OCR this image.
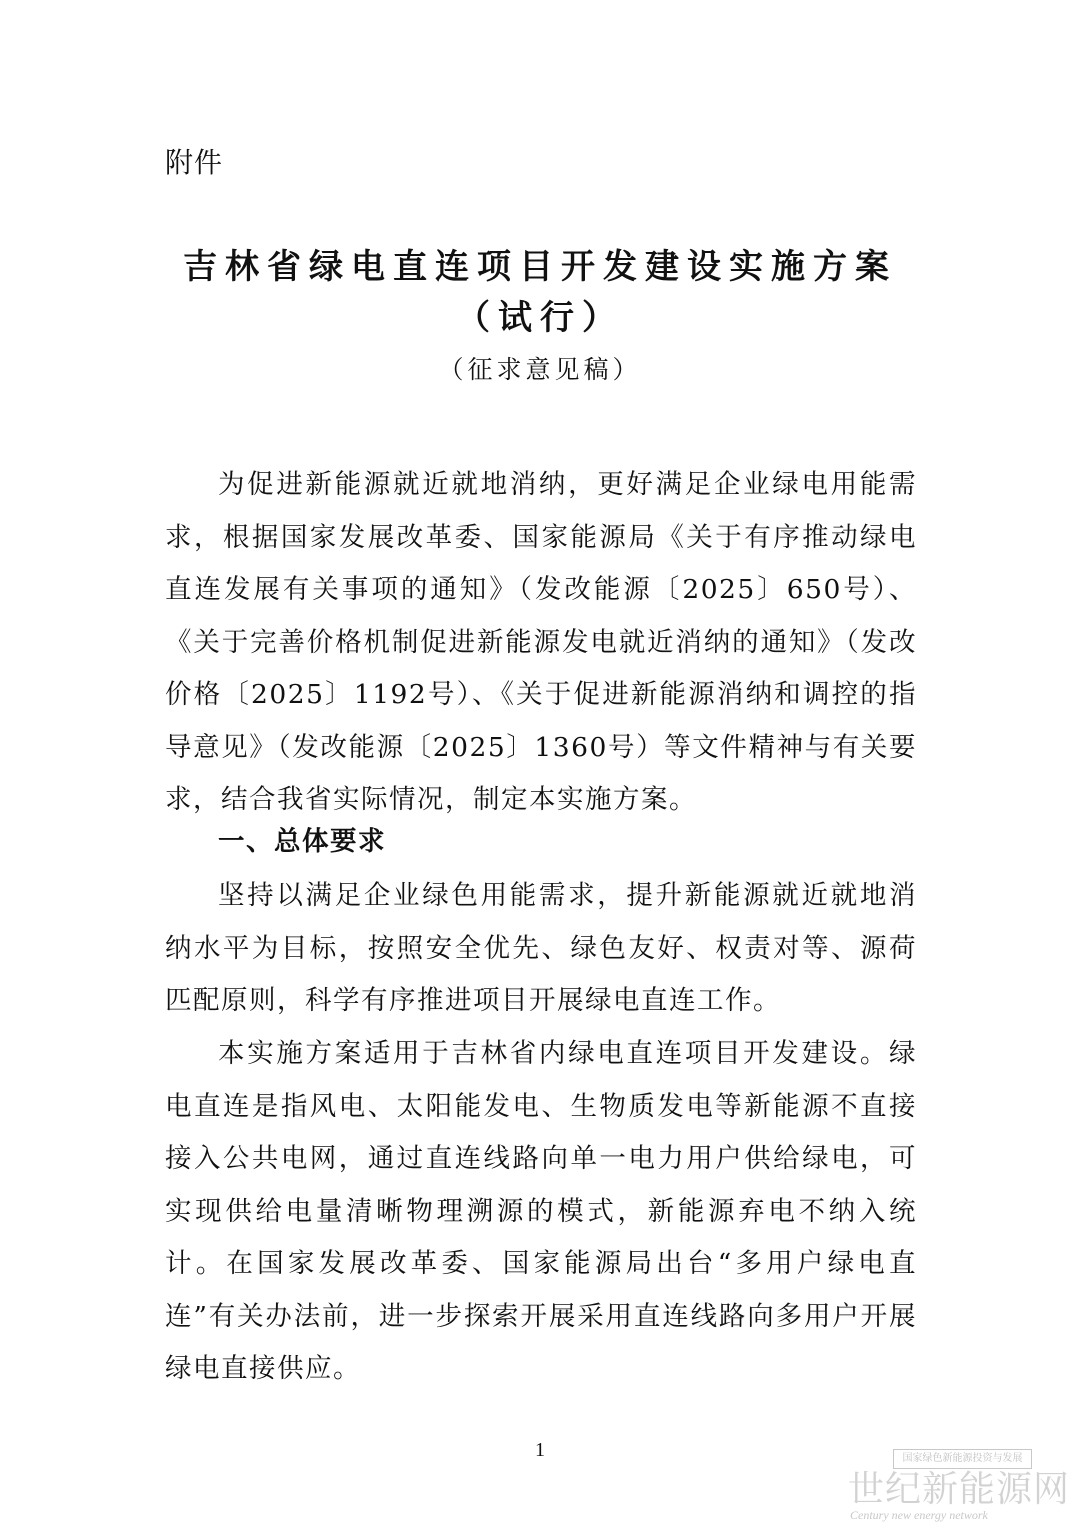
附件
吉林省绿电直连项目开发建设实施方案
（试行）
（征求意见稿）

为促进新能源就近就地消纳，更好满足企业绿电用能需求，根据国家发展改革委、国家能源局《关于有序推动绿电直连发展有关事项的通知》（发改能源〔2025〕650号）、《关于完善价格机制促进新能源发电就近消纳的通知》（发改价格〔2025〕1192号）、《关于促进新能源消纳和调控的指导意见》（发改能源〔2025〕1360号）等文件精神与有关要求，结合我省实际情况，制定本实施方案。

一、总体要求

坚持以满足企业绿色用能需求，提升新能源就近就地消纳水平为目标，按照安全优先、绿色友好、权责对等、源荷匹配原则，科学有序推进项目开展绿电直连工作。

本实施方案适用于吉林省内绿电直连项目开发建设。绿电直连是指风电、太阳能发电、生物质发电等新能源不直接接入公共电网，通过直连线路向单一电力用户供给绿电，可实现供给电量清晰物理溯源的模式，新能源弃电不纳入统计。在国家发展改革委、国家能源局出台“多用户绿电直连”有关办法前，进一步探索开展采用直连线路向多用户开展绿电直接供应。

1	国家绿色新能源投资与发展
世纪新能源网
Century new energy network
